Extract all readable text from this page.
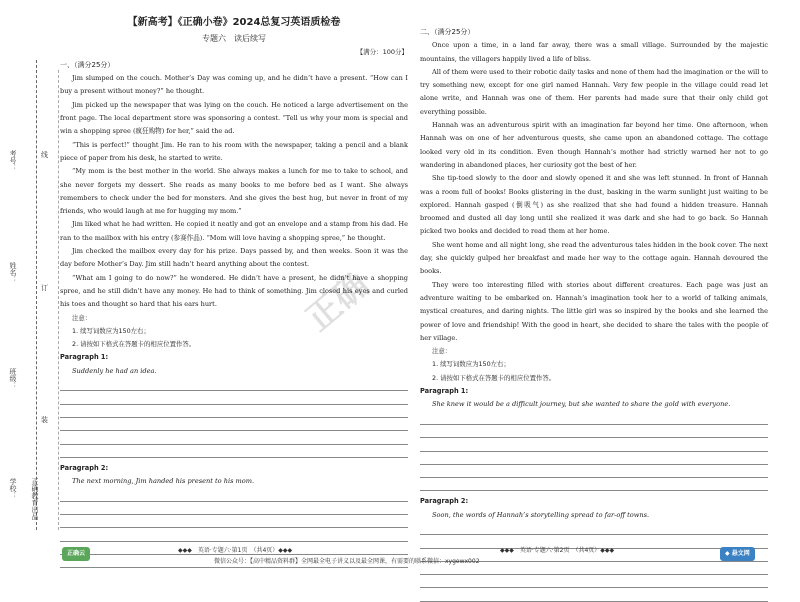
考号：
姓名：
班级：
学校：
线
订
装
正确教育出品
【新高考】《正确小卷》2024总复习英语质检卷
专题六　读后续写
【满分：100分】
一、（满分25分）

Jim slumped on the couch. Mother’s Day was coming up, and he didn’t have a present. “How can I buy a present without money?” he thought.

Jim picked up the newspaper that was lying on the couch. He noticed a large advertisement on the front page. The local department store was sponsoring a contest. “Tell us why your mom is special and win a shopping spree (疯狂购物) for her,” said the ad.

“This is perfect!” thought Jim. He ran to his room with the newspaper, taking a pencil and a blank piece of paper from his desk, he started to write.

“My mom is the best mother in the world. She always makes a lunch for me to take to school, and she never forgets my dessert. She reads as many books to me before bed as I want. She always remembers to check under the bed for monsters. And she gives the best hug, but never in front of my friends, who would laugh at me for hugging my mom.”

Jim liked what he had written. He copied it neatly and got an envelope and a stamp from his dad. He ran to the mailbox with his entry (参赛作品). “Mom will love having a shopping spree,” he thought.

Jim checked the mailbox every day for his prize. Days passed by, and then weeks. Soon it was the day before Mother’s Day. Jim still hadn’t heard anything about the contest.

“What am I going to do now?” he wondered. He didn’t have a present, he didn’t have a shopping spree, and he still didn’t have any money. He had to think of something. Jim closed his eyes and curled his toes and thought so hard that his ears hurt.

注意：
1. 续写词数应为150左右；
2. 请按如下格式在答题卡的相应位置作答。
Paragraph 1:
Suddenly he had an idea.
Paragraph 2:
The next morning, Jim handed his present to his mom.
二、（满分25分）

Once upon a time, in a land far away, there was a small village. Surrounded by the majestic mountains, the villagers happily lived a life of bliss.

All of them were used to their robotic daily tasks and none of them had the imagination or the will to try something new, except for one girl named Hannah. Very few people in the village could read let alone write, and Hannah was one of them. Her parents had made sure that their only child got everything possible.

Hannah was an adventurous spirit with an imagination far beyond her time. One afternoon, when Hannah was on one of her adventurous quests, she came upon an abandoned cottage. The cottage looked very old in its condition. Even though Hannah’s mother had strictly warned her not to go wandering in abandoned places, her curiosity got the best of her.

She tip-toed slowly to the door and slowly opened it and she was left stunned. In front of Hannah was a room full of books! Books glistering in the dust, basking in the warm sunlight just waiting to be explored. Hannah gasped (倒吸气) as she realized that she had found a hidden treasure. Hannah broomed and dusted all day long until she realized it was dark and she had to go back. So Hannah picked two books and decided to read them at her home.

She went home and all night long, she read the adventurous tales hidden in the book cover. The next day, she quickly gulped her breakfast and made her way to the cottage again. Hannah devoured the books.

They were too interesting filled with stories about different creatures. Each page was just an adventure waiting to be embarked on. Hannah’s imagination took her to a world of talking animals, mystical creatures, and daring nights. The little girl was so inspired by the books and she learned the power of love and friendship! With the good in heart, she decided to share the tales with the people of her village.

注意：
1. 续写词数应为150左右；
2. 请按如下格式在答题卡的相应位置作答。
Paragraph 1:
She knew it would be a difficult journey, but she wanted to share the gold with everyone.
Paragraph 2:
Soon, the words of Hannah’s storytelling spread to far-off towns.
正确
正确云	◆◆◆　英语·专题六·第1页　（共4页）◆◆◆	◆◆◆　英语·专题六·第2页　（共4页）◆◆◆
微信公众号：【高中精品资料群】全网最全电子讲义以及最全网课，有需要的联系微信：xygewx002
◆ 悬文网
